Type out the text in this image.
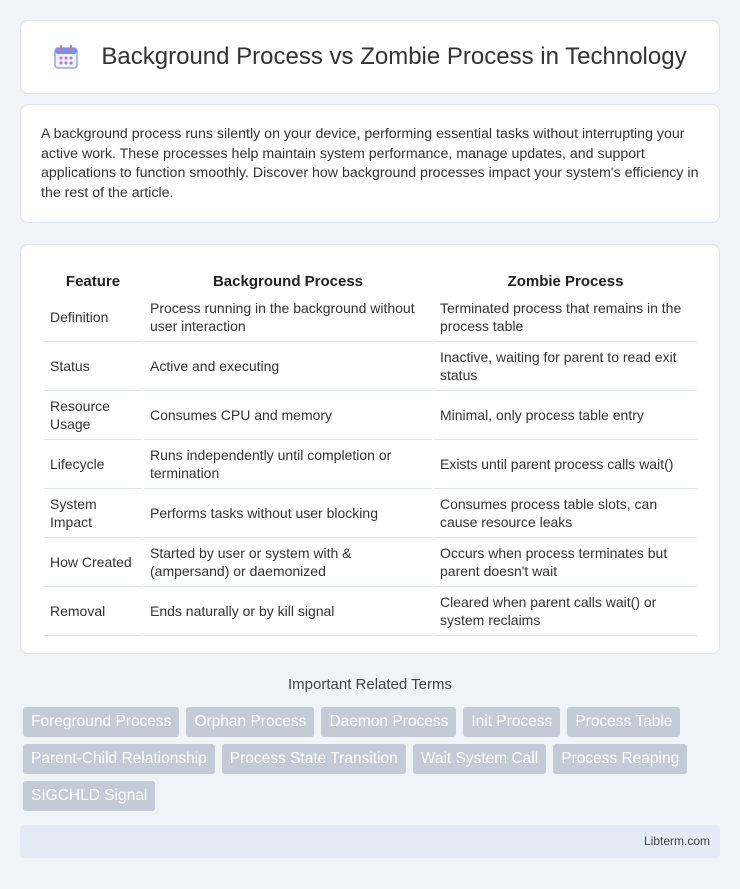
Background Process vs Zombie Process in Technology

A background process runs silently on your device, performing essential tasks without interrupting your active work. These processes help maintain system performance, manage updates, and support applications to function smoothly. Discover how background processes impact your system's efficiency in the rest of the article.

Feature	Background Process	Zombie Process
Definition	Process running in the background without user interaction	Terminated process that remains in the process table
Status	Active and executing	Inactive, waiting for parent to read exit status
Resource Usage	Consumes CPU and memory	Minimal, only process table entry
Lifecycle	Runs independently until completion or termination	Exists until parent process calls wait()
System Impact	Performs tasks without user blocking	Consumes process table slots, can cause resource leaks
How Created	Started by user or system with & (ampersand) or daemonized	Occurs when process terminates but parent doesn't wait
Removal	Ends naturally or by kill signal	Cleared when parent calls wait() or system reclaims
Important Related Terms
Foreground Process	Orphan Process	Daemon Process	Init Process	Process Table
Parent-Child Relationship	Process State Transition	Wait System Call	Process Reaping
SIGCHLD Signal
Libterm.com
